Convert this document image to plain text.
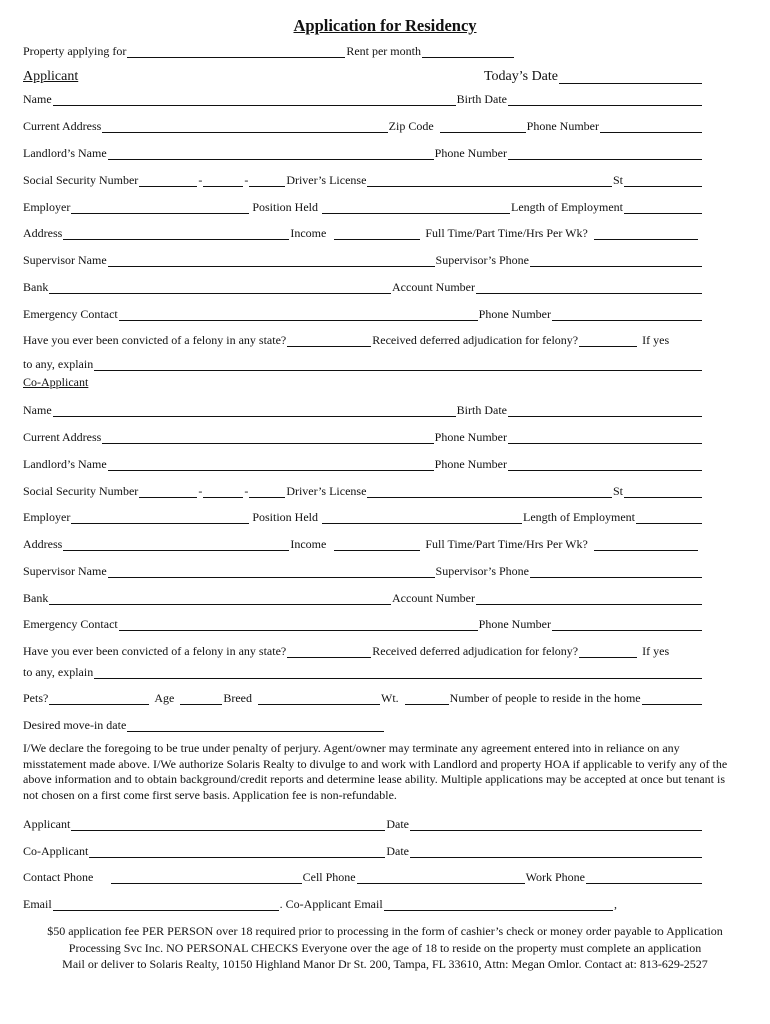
Application for Residency
Property applying for	Rent per month
Applicant	Today’s Date
Name	Birth Date
Current Address	Zip Code	Phone Number
Landlord’s Name	Phone Number
Social Security Number	-	-	Driver’s License	St
Employer	Position Held	Length of Employment
Address	Income	Full Time/Part Time/Hrs Per Wk?
Supervisor Name	Supervisor’s Phone
Bank	Account Number
Emergency Contact	Phone Number
Have you ever been convicted of a felony in any state?	Received deferred adjudication for felony?	If yes
to any, explain
Co-Applicant
Name	Birth Date
Current Address	Phone Number
Landlord’s Name	Phone Number
Social Security Number	-	-	Driver’s License	St
Employer	Position Held	Length of Employment
Address	Income	Full Time/Part Time/Hrs Per Wk?
Supervisor Name	Supervisor’s Phone
Bank	Account Number
Emergency Contact	Phone Number
Have you ever been convicted of a felony in any state?	Received deferred adjudication for felony?	If yes
to any, explain
Pets?	Age	Breed	Wt.	Number of people to reside in the home
Desired move-in date
I/We declare the foregoing to be true under penalty of perjury. Agent/owner may terminate any agreement entered into in reliance on any misstatement made above. I/We authorize Solaris Realty to divulge to and work with Landlord and property HOA if applicable to verify any of the above information and to obtain background/credit reports and determine lease ability. Multiple applications may be accepted at once but tenant is not chosen on a first come first serve basis. Application fee is non-refundable.
Applicant	Date
Co-Applicant	Date
Contact Phone	Cell Phone	Work Phone
Email	. Co-Applicant Email	,
$50 application fee PER PERSON over 18 required prior to processing in the form of cashier’s check or money order payable to Application
Processing Svc Inc. NO PERSONAL CHECKS Everyone over the age of 18 to reside on the property must complete an application
Mail or deliver to Solaris Realty, 10150 Highland Manor Dr St. 200, Tampa, FL 33610, Attn: Megan Omlor. Contact at: 813-629-2527
